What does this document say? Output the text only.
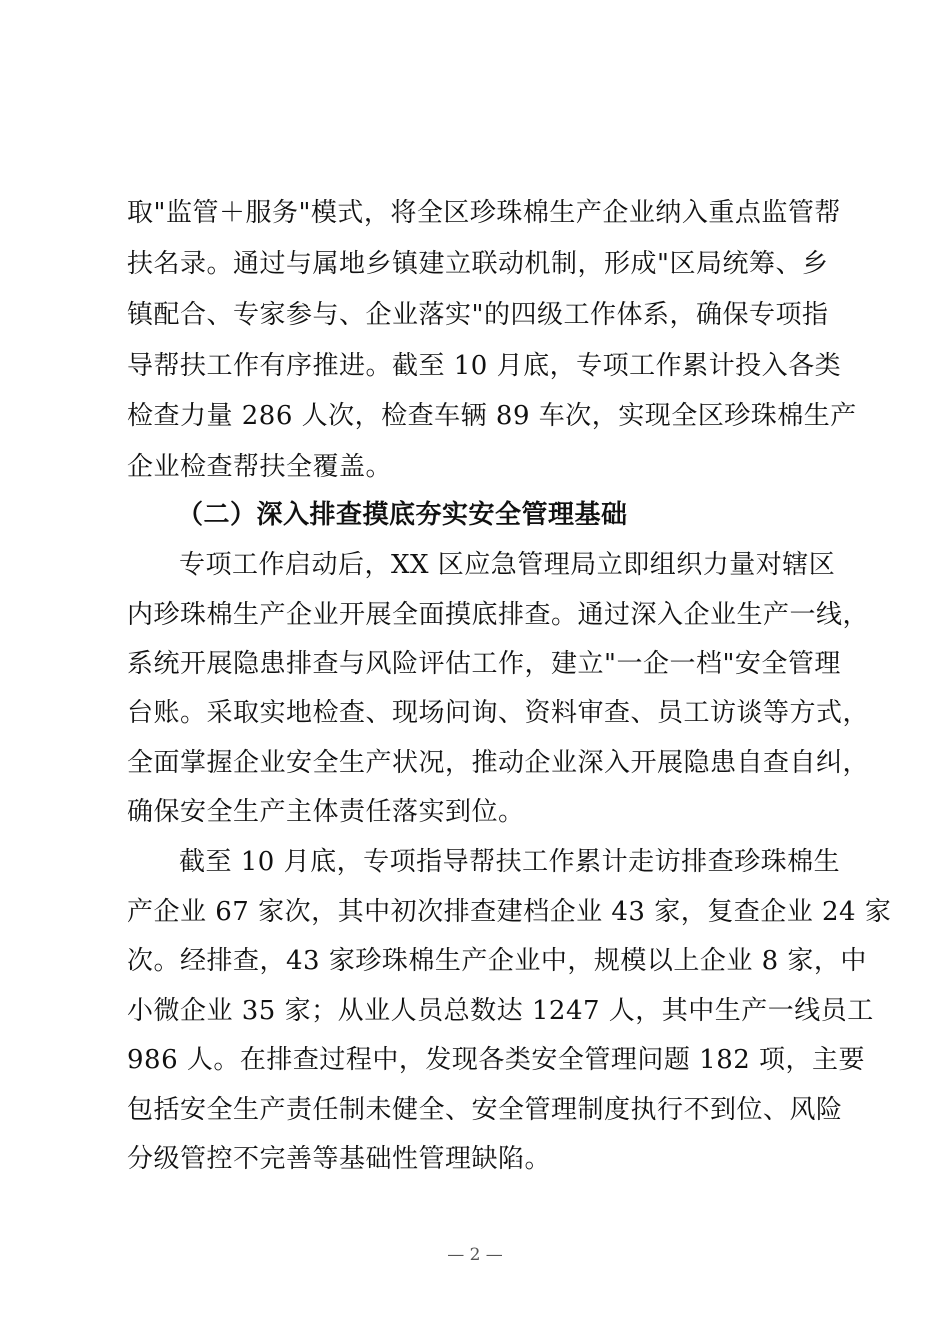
取"监管＋服务"模式，将全区珍珠棉生产企业纳入重点监管帮
扶名录。通过与属地乡镇建立联动机制，形成"区局统筹、乡
镇配合、专家参与、企业落实"的四级工作体系，确保专项指
导帮扶工作有序推进。截至 10 月底，专项工作累计投入各类
检查力量 286 人次，检查车辆 89 车次，实现全区珍珠棉生产
企业检查帮扶全覆盖。
（二）深入排查摸底夯实安全管理基础
专项工作启动后，XX 区应急管理局立即组织力量对辖区
内珍珠棉生产企业开展全面摸底排查。通过深入企业生产一线，
系统开展隐患排查与风险评估工作，建立"一企一档"安全管理
台账。采取实地检查、现场问询、资料审查、员工访谈等方式，
全面掌握企业安全生产状况，推动企业深入开展隐患自查自纠，
确保安全生产主体责任落实到位。
截至 10 月底，专项指导帮扶工作累计走访排查珍珠棉生
产企业 67 家次，其中初次排查建档企业 43 家，复查企业 24 家
次。经排查，43 家珍珠棉生产企业中，规模以上企业 8 家，中
小微企业 35 家；从业人员总数达 1247 人，其中生产一线员工
986 人。在排查过程中，发现各类安全管理问题 182 项，主要
包括安全生产责任制未健全、安全管理制度执行不到位、风险
分级管控不完善等基础性管理缺陷。
— 2 —
